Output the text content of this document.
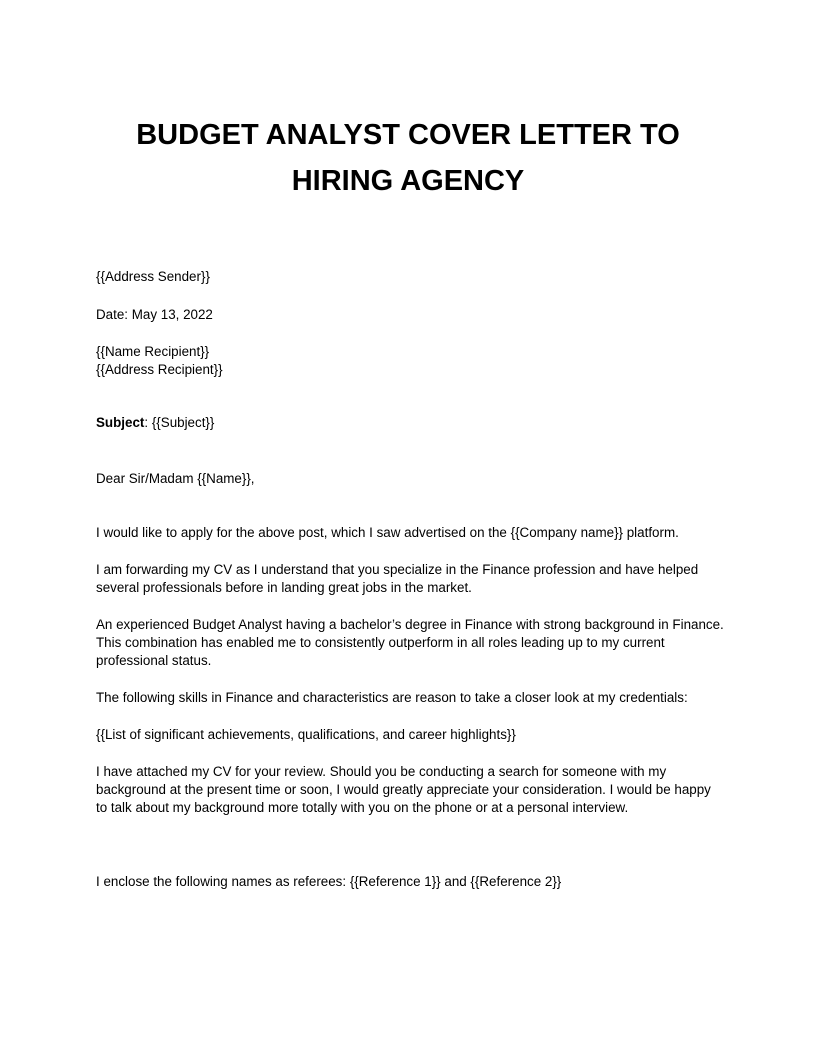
BUDGET ANALYST COVER LETTER TO
HIRING AGENCY
{{Address Sender}}
Date: May 13, 2022
{{Name Recipient}}
{{Address Recipient}}
Subject: {{Subject}}
Dear Sir/Madam {{Name}},
I would like to apply for the above post, which I saw advertised on the {{Company name}} platform.
I am forwarding my CV as I understand that you specialize in the Finance profession and have helped
several professionals before in landing great jobs in the market.
An experienced Budget Analyst having a bachelor’s degree in Finance with strong background in Finance.
This combination has enabled me to consistently outperform in all roles leading up to my current
professional status.
The following skills in Finance and characteristics are reason to take a closer look at my credentials:
{{List of significant achievements, qualifications, and career highlights}}
I have attached my CV for your review. Should you be conducting a search for someone with my
background at the present time or soon, I would greatly appreciate your consideration. I would be happy
to talk about my background more totally with you on the phone or at a personal interview.
I enclose the following names as referees: {{Reference 1}} and {{Reference 2}}
